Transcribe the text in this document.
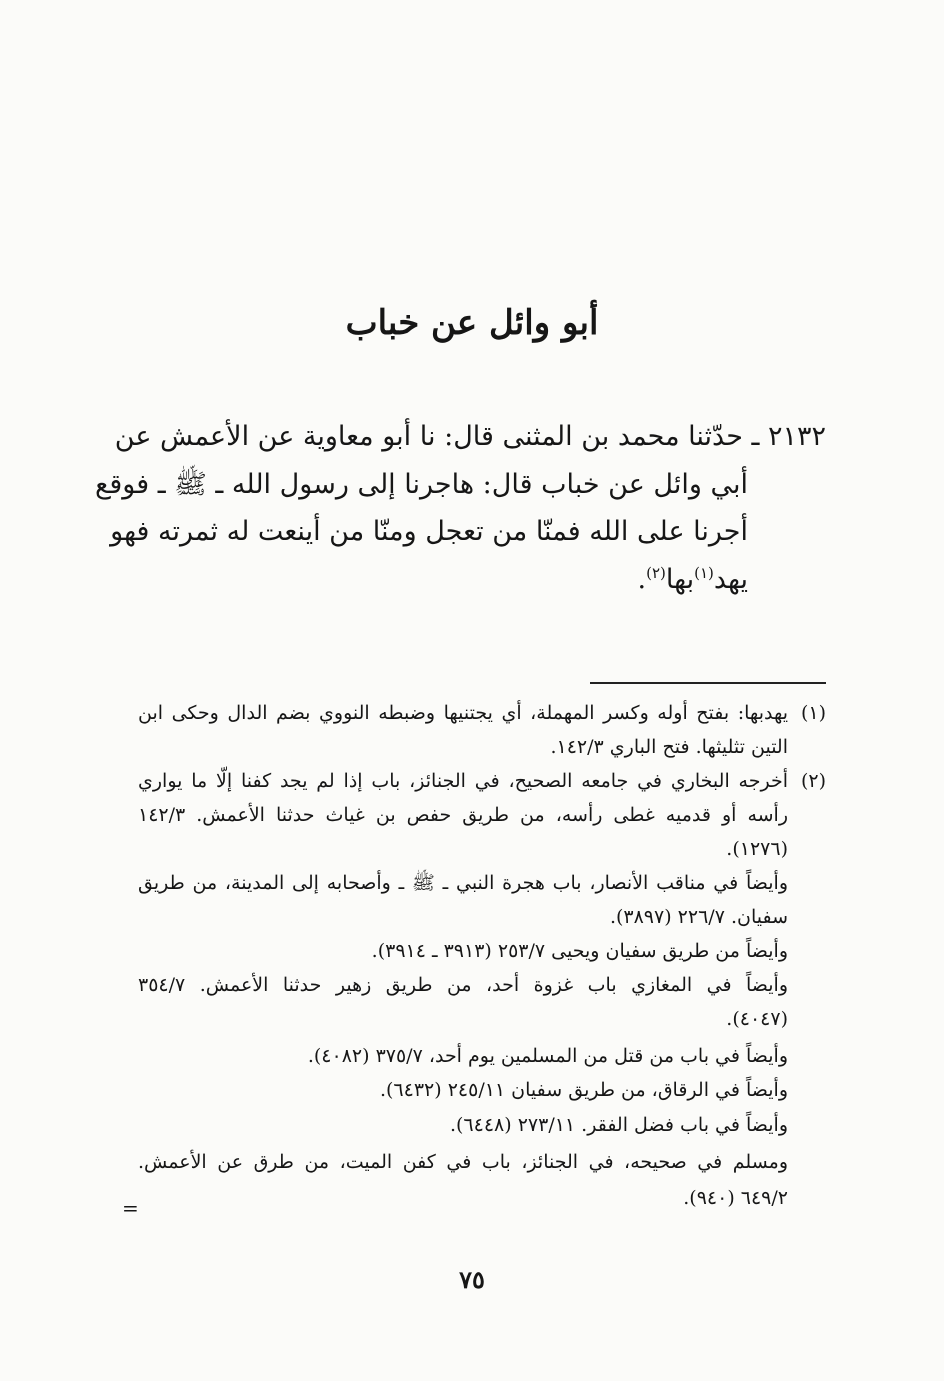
أبو وائل عن خباب
٢١٣٢ ـ حدّثنا محمد بن المثنى قال: نا أبو معاوية عن الأعمش عن
أبي وائل عن خباب قال: هاجرنا إلى رسول الله ـ ﷺ ـ فوقع
أجرنا على الله فمنّا من تعجل ومنّا من أينعت له ثمرته فهو
يهد$^{(١)}$بها$^{(٢)}$.
(١)
يهدبها: بفتح أوله وكسر المهملة، أي يجتنيها وضبطه النووي بضم الدال وحكى ابن
التين تثليثها. فتح الباري ١٤٢/٣.
(٢)
أخرجه البخاري في جامعه الصحيح، في الجنائز، باب إذا لم يجد كفنا إلّا ما يواري
رأسه أو قدميه غطى رأسه، من طريق حفص بن غياث حدثنا الأعمش. ١٤٢/٣
(١٢٧٦).
وأيضاً في مناقب الأنصار، باب هجرة النبي ـ ﷺ ـ وأصحابه إلى المدينة، من طريق
سفيان. ٢٢٦/٧ (٣٨٩٧).
وأيضاً من طريق سفيان ويحيى ٢٥٣/٧ (٣٩١٣ ـ ٣٩١٤).
وأيضاً في المغازي باب غزوة أحد، من طريق زهير حدثنا الأعمش. ٣٥٤/٧
(٤٠٤٧).
وأيضاً في باب من قتل من المسلمين يوم أحد، ٣٧٥/٧ (٤٠٨٢).
وأيضاً في الرقاق، من طريق سفيان ٢٤٥/١١ (٦٤٣٢).
وأيضاً في باب فضل الفقر. ٢٧٣/١١ (٦٤٤٨).
ومسلم في صحيحه، في الجنائز، باب في كفن الميت، من طرق عن الأعمش.
٦٤٩/٢ (٩٤٠).
=
٧٥
